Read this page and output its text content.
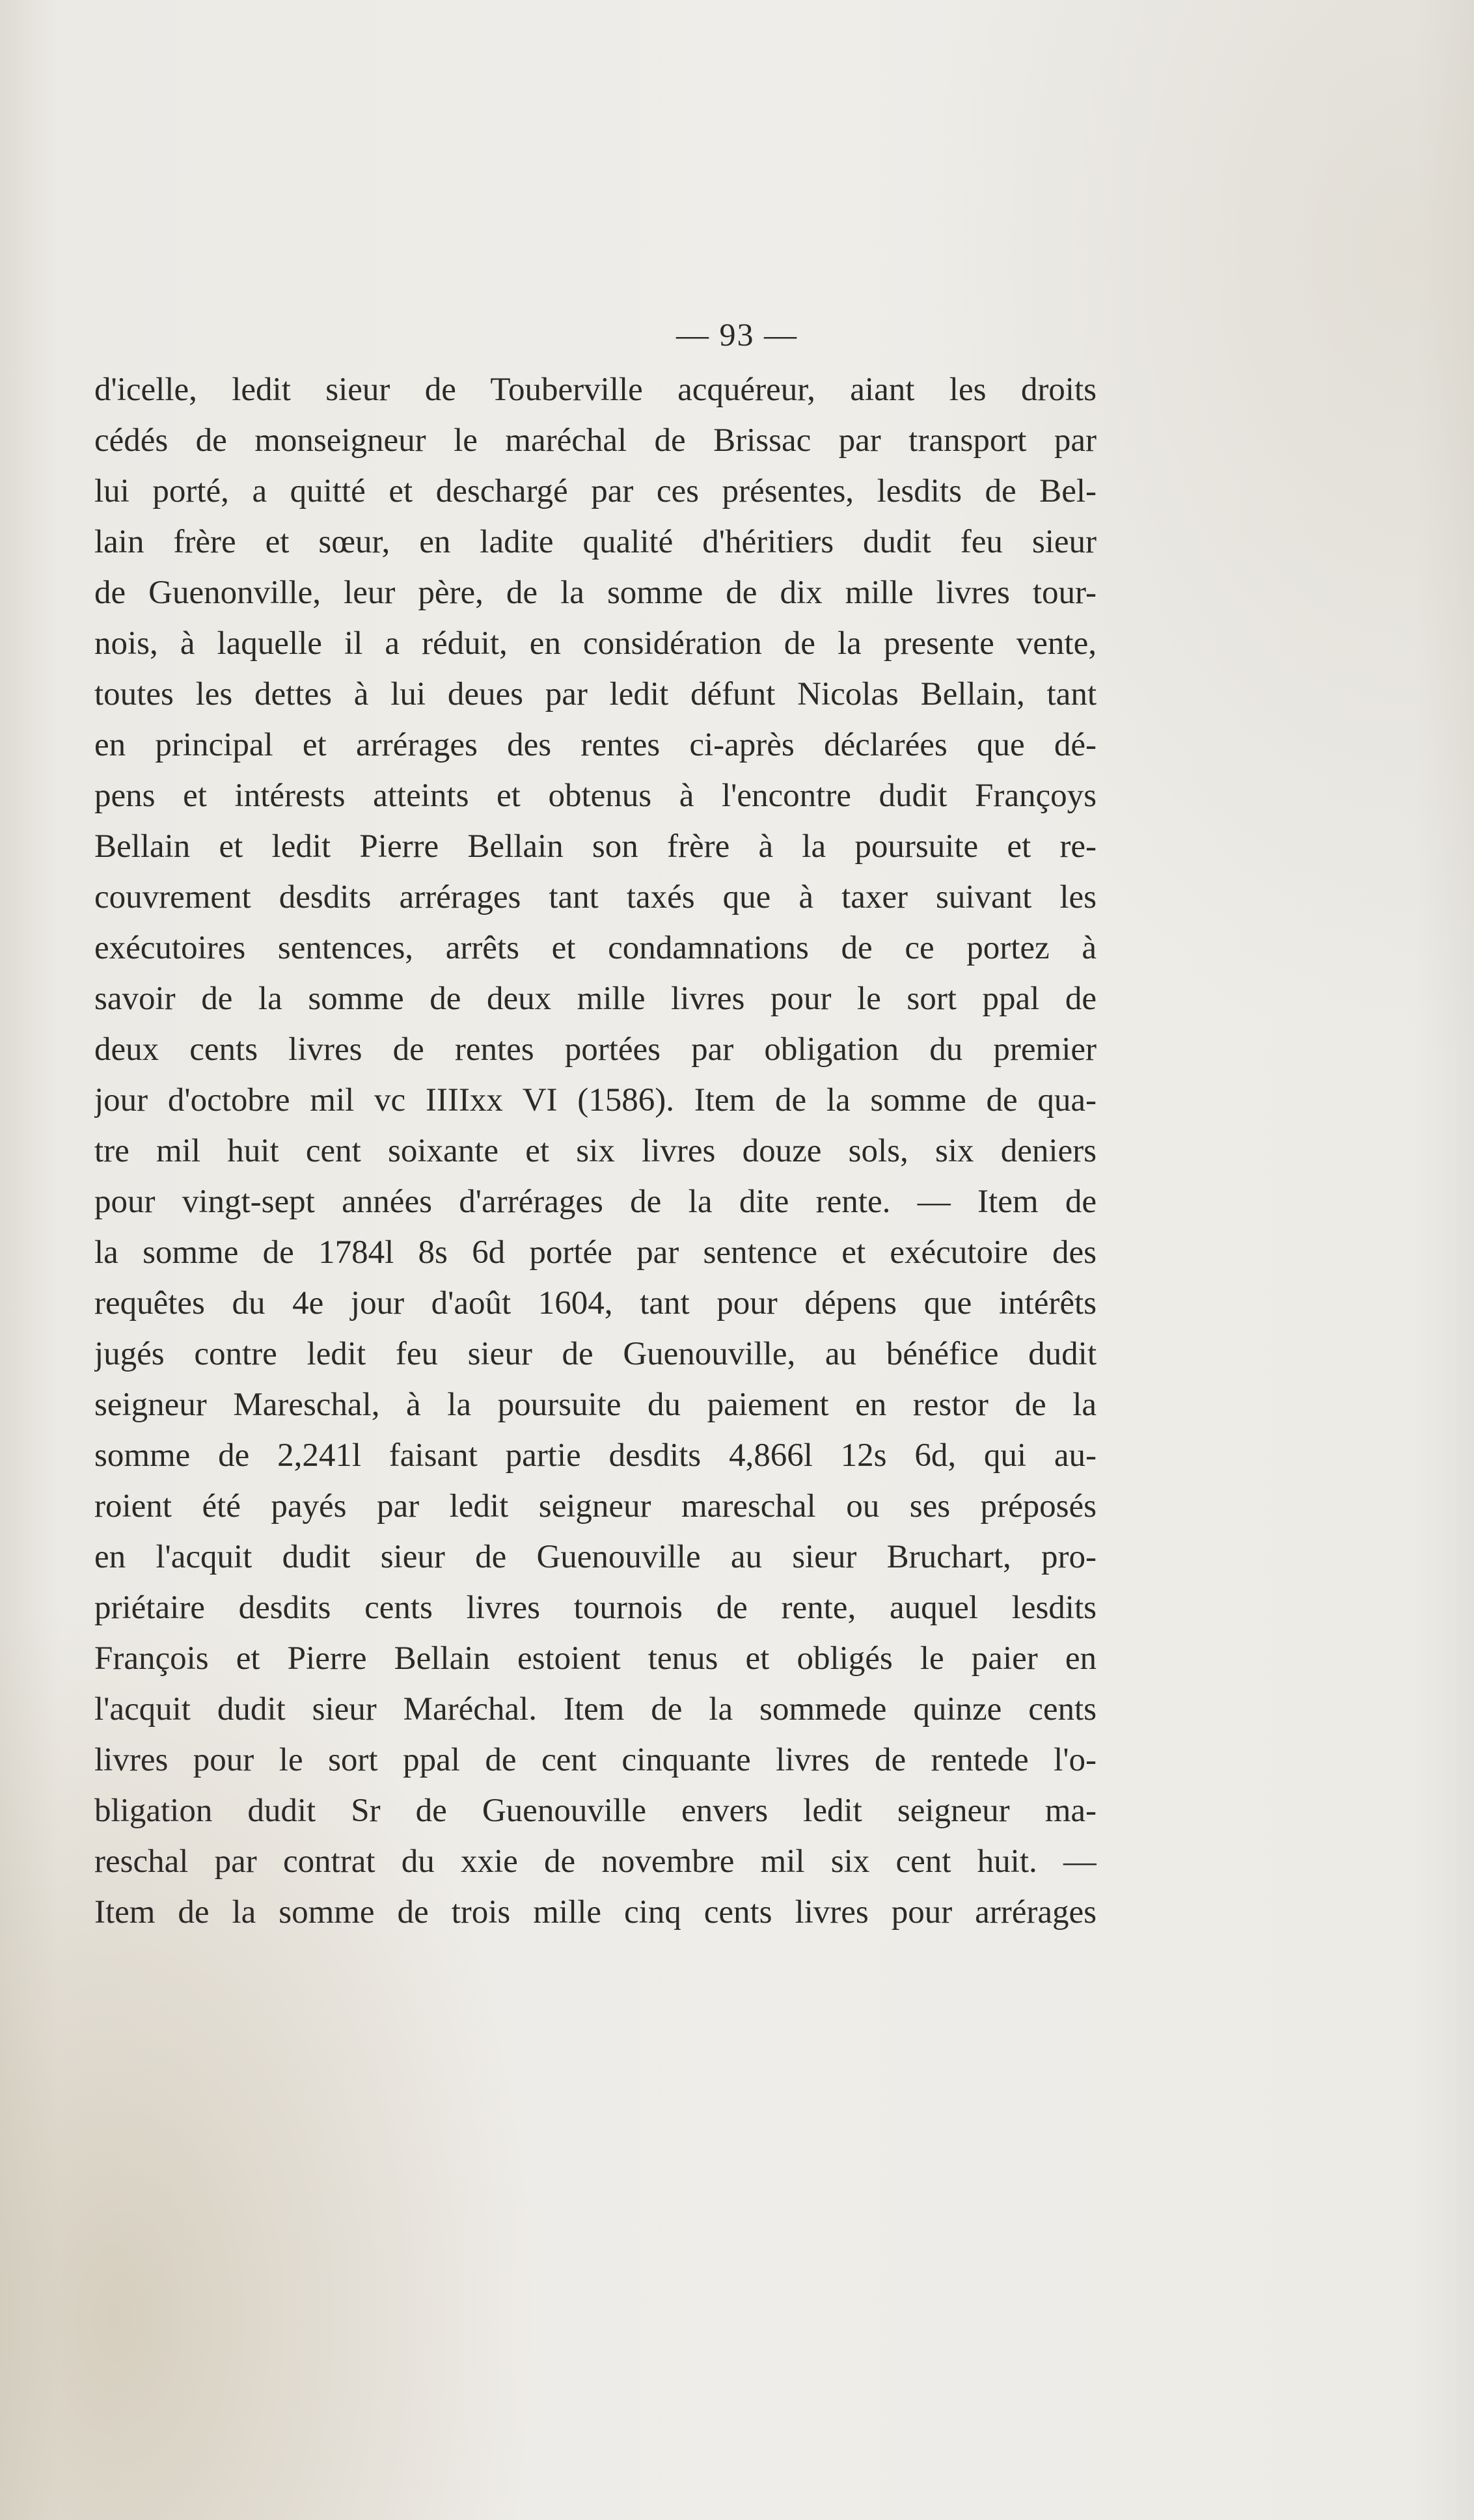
— 93 —

d'icelle, ledit sieur de Touberville acquéreur, aiant les droits
cédés de monseigneur le maréchal de Brissac par transport par
lui porté, a quitté et deschargé par ces présentes, lesdits de Bel-
lain frère et sœur, en ladite qualité d'héritiers dudit feu sieur
de Guenonville, leur père, de la somme de dix mille livres tour-
nois, à laquelle il a réduit, en considération de la presente vente,
toutes les dettes à lui deues par ledit défunt Nicolas Bellain, tant
en principal et arrérages des rentes ci-après déclarées que dé-
pens et intérests atteints et obtenus à l'encontre dudit Françoys
Bellain et ledit Pierre Bellain son frère à la poursuite et re-
couvrement desdits arrérages tant taxés que à taxer suivant les
exécutoires sentences, arrêts et condamnations de ce portez à
savoir de la somme de deux mille livres pour le sort ppal de
deux cents livres de rentes portées par obligation du premier
jour d'octobre mil vc IIIIxx VI (1586). Item de la somme de qua-
tre mil huit cent soixante et six livres douze sols, six deniers
pour vingt-sept années d'arrérages de la dite rente. — Item de
la somme de 1784l 8s 6d portée par sentence et exécutoire des
requêtes du 4e jour d'août 1604, tant pour dépens que intérêts
jugés contre ledit feu sieur de Guenouville, au bénéfice dudit
seigneur Mareschal, à la poursuite du paiement en restor de la
somme de 2,241l faisant partie desdits 4,866l 12s 6d, qui au-
roient été payés par ledit seigneur mareschal ou ses préposés
en l'acquit dudit sieur de Guenouville au sieur Bruchart, pro-
priétaire desdits cents livres tournois de rente, auquel lesdits
François et Pierre Bellain estoient tenus et obligés le paier en
l'acquit dudit sieur Maréchal. Item de la sommede quinze cents
livres pour le sort ppal de cent cinquante livres de rentede l'o-
bligation dudit Sr de Guenouville envers ledit seigneur ma-
reschal par contrat du xxie de novembre mil six cent huit. —
Item de la somme de trois mille cinq cents livres pour arrérages
